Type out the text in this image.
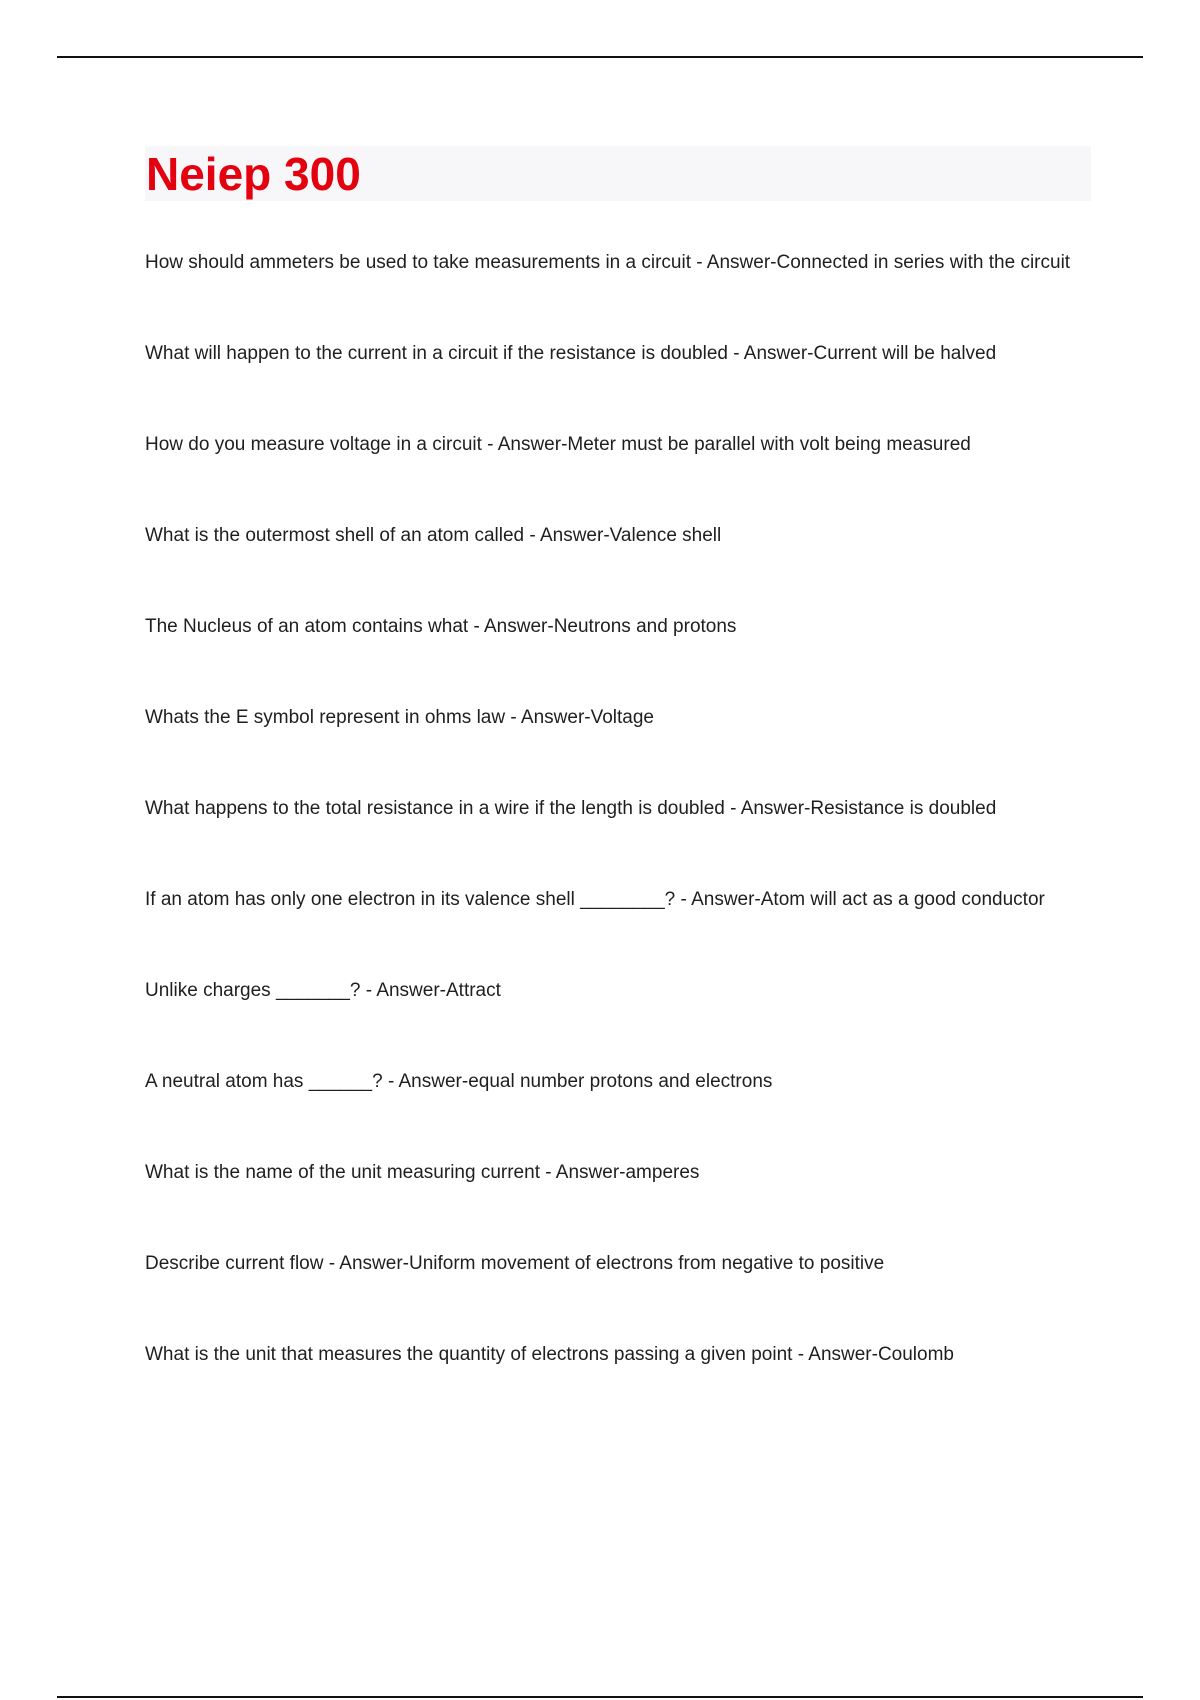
Neiep 300
How should ammeters be used to take measurements in a circuit - Answer-Connected in series with the circuit
What will happen to the current in a circuit if the resistance is doubled - Answer-Current will be halved
How do you measure voltage in a circuit - Answer-Meter must be parallel with volt being measured
What is the outermost shell of an atom called - Answer-Valence shell
The Nucleus of an atom contains what - Answer-Neutrons and protons
Whats the E symbol represent in ohms law - Answer-Voltage
What happens to the total resistance in a wire if the length is doubled - Answer-Resistance is doubled
If an atom has only one electron in its valence shell ________? - Answer-Atom will act as a good conductor
Unlike charges _______? - Answer-Attract
A neutral atom has ______? - Answer-equal number protons and electrons
What is the name of the unit measuring current - Answer-amperes
Describe current flow - Answer-Uniform movement of electrons from negative to positive
What is the unit that measures the quantity of electrons passing a given point - Answer-Coulomb
